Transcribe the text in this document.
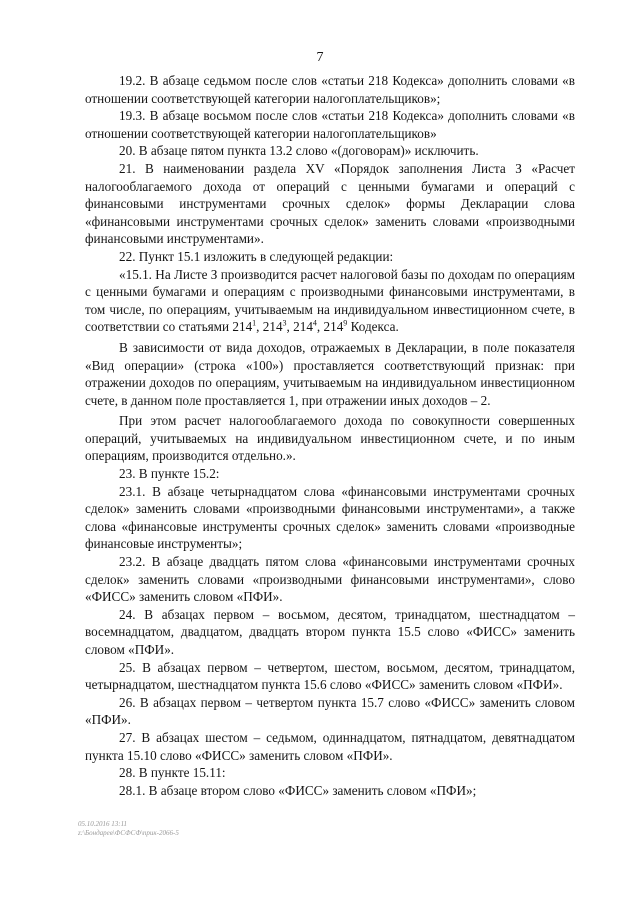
7

19.2. В абзаце седьмом после слов «статьи 218 Кодекса» дополнить словами «в отношении соответствующей категории налогоплательщиков»;

19.3. В абзаце восьмом после слов «статьи 218 Кодекса» дополнить словами «в отношении соответствующей категории налогоплательщиков»

20. В абзаце пятом пункта 13.2 слово «(договорам)» исключить.

21. В наименовании раздела XV «Порядок заполнения Листа З «Расчет налогооблагаемого дохода от операций с ценными бумагами и операций с финансовыми инструментами срочных сделок» формы Декларации слова «финансовыми инструментами срочных сделок» заменить словами «производными финансовыми инструментами».

22. Пункт 15.1 изложить в следующей редакции:

«15.1. На Листе З производится расчет налоговой базы по доходам по операциям с ценными бумагами и операциям с производными финансовыми инструментами, в том числе, по операциям, учитываемым на индивидуальном инвестиционном счете, в соответствии со статьями $214^1$, $214^3$, $214^4$, $214^9$ Кодекса.

В зависимости от вида доходов, отражаемых в Декларации, в поле показателя «Вид операции» (строка «100») проставляется соответствующий признак: при отражении доходов по операциям, учитываемым на индивидуальном инвестиционном счете, в данном поле проставляется 1, при отражении иных доходов – 2.

При этом расчет налогооблагаемого дохода по совокупности совершенных операций, учитываемых на индивидуальном инвестиционном счете, и по иным операциям, производится отдельно.».

23. В пункте 15.2:

23.1. В абзаце четырнадцатом слова «финансовыми инструментами срочных сделок» заменить словами «производными финансовыми инструментами», а также слова «финансовые инструменты срочных сделок» заменить словами «производные финансовые инструменты»;

23.2. В абзаце двадцать пятом слова «финансовыми инструментами срочных сделок» заменить словами «производными финансовыми инструментами», слово «ФИСС» заменить словом «ПФИ».

24. В абзацах первом – восьмом, десятом, тринадцатом, шестнадцатом – восемнадцатом, двадцатом, двадцать втором пункта 15.5 слово «ФИСС» заменить словом «ПФИ».

25. В абзацах первом – четвертом, шестом, восьмом, десятом, тринадцатом, четырнадцатом, шестнадцатом пункта 15.6 слово «ФИСС» заменить словом «ПФИ».

26. В абзацах первом – четвертом пункта 15.7 слово «ФИСС» заменить словом «ПФИ».

27. В абзацах шестом – седьмом, одиннадцатом, пятнадцатом, девятнадцатом пункта 15.10 слово «ФИСС» заменить словом «ПФИ».

28. В пункте 15.11:

28.1. В абзаце втором слово «ФИСС» заменить словом «ПФИ»;

05.10.2016 13:11
z:\Бондарев\ФСФСФ\прик-2066-5
